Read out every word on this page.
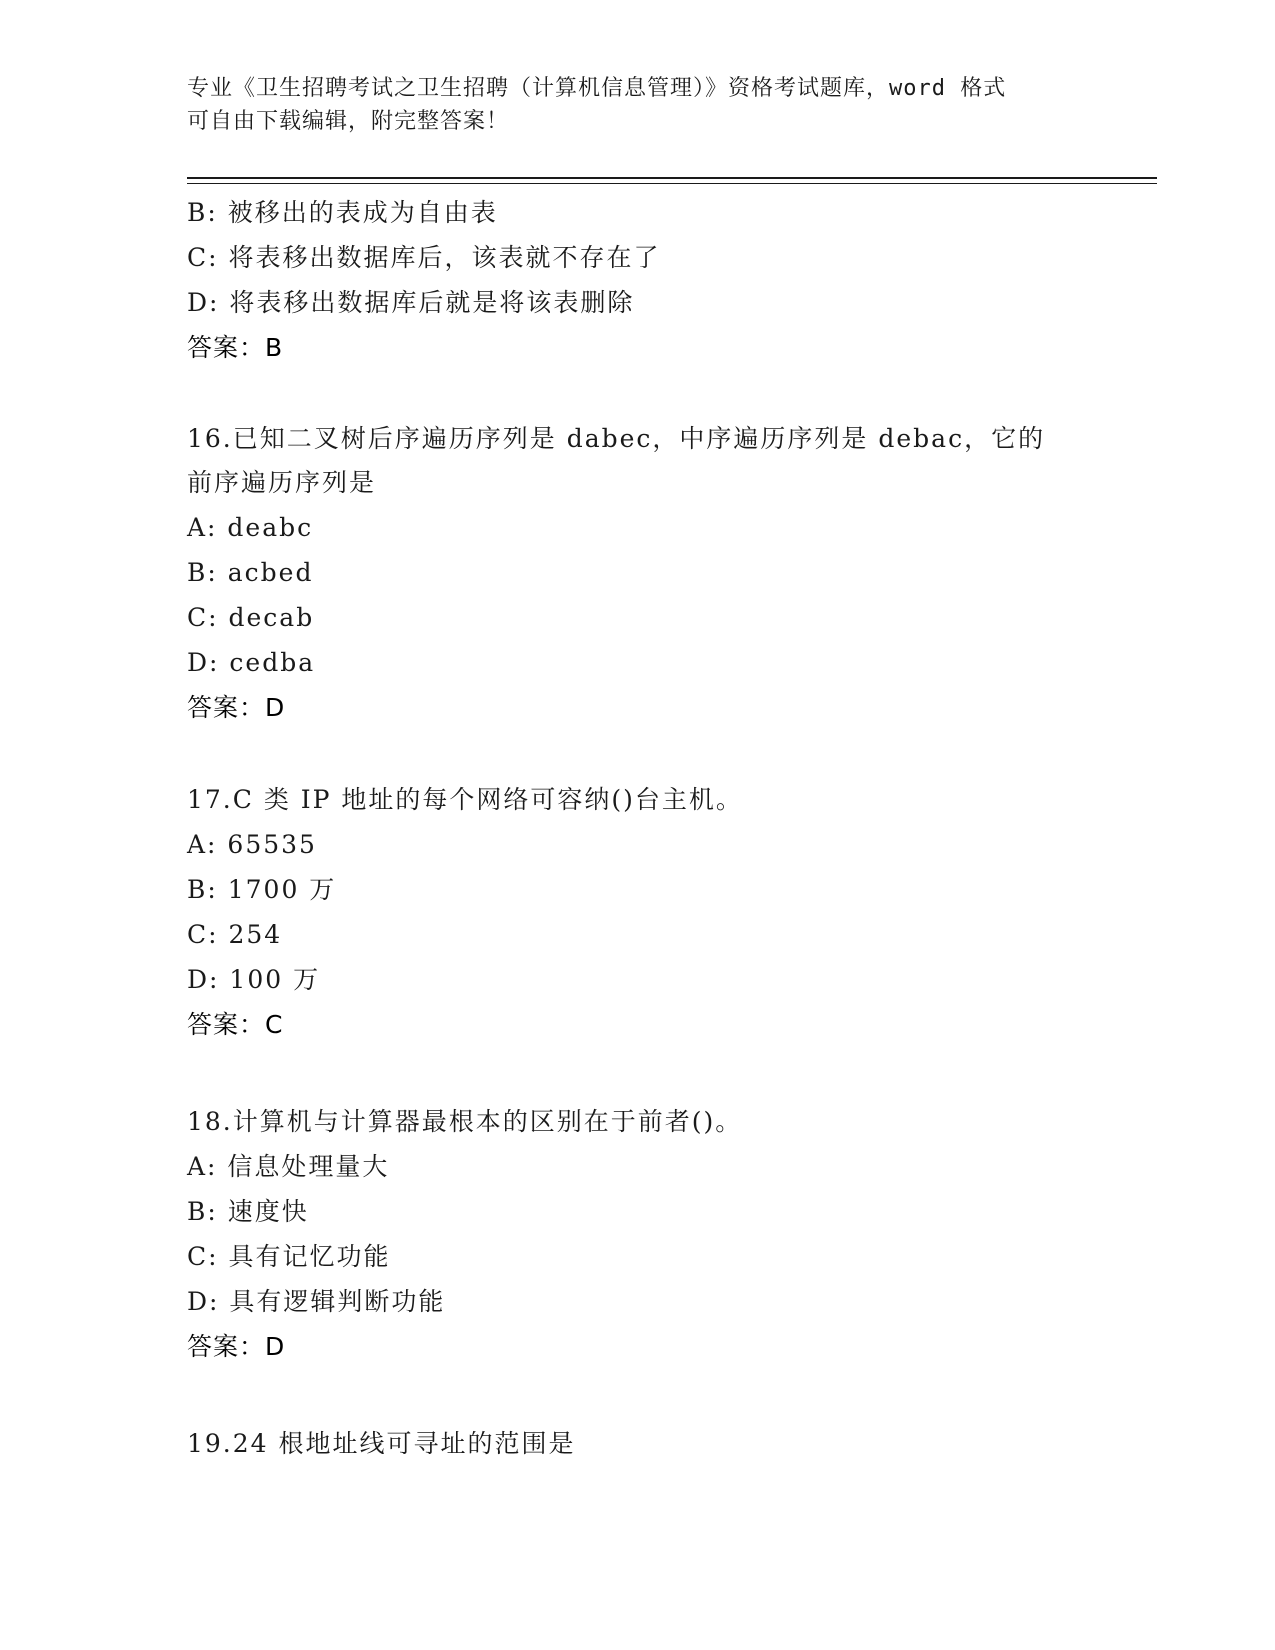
专业《卫生招聘考试之卫生招聘（计算机信息管理）》资格考试题库，word 格式
可自由下载编辑，附完整答案！
B: 被移出的表成为自由表
C: 将表移出数据库后，该表就不存在了
D: 将表移出数据库后就是将该表删除
答案：B
16.已知二叉树后序遍历序列是 dabec，中序遍历序列是 debac，它的
前序遍历序列是
A: deabc
B: acbed
C: decab
D: cedba
答案：D
17.C 类 IP 地址的每个网络可容纳()台主机。
A: 65535
B: 1700 万
C: 254
D: 100 万
答案：C
18.计算机与计算器最根本的区别在于前者()。
A: 信息处理量大
B: 速度快
C: 具有记忆功能
D: 具有逻辑判断功能
答案：D
19.24 根地址线可寻址的范围是
